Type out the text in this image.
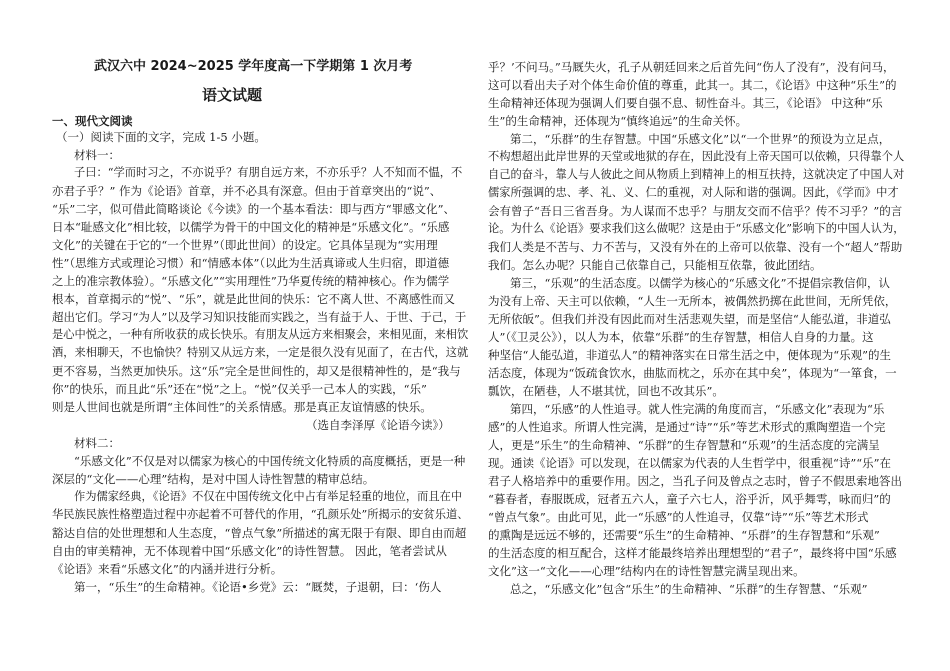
武汉六中 2024~2025 学年度高一下学期第 1 次月考
语文试题
一、现代文阅读
（一）阅读下面的文字，完成 1-5 小题。
材料一：
子曰：“学而时习之，不亦说乎？有朋自远方来，不亦乐乎？人不知而不愠，不
亦君子乎？” 作为《论语》首章，并不必具有深意。但由于首章突出的“说”、
“乐”二字，似可借此简略谈论《今读》的一个基本看法：即与西方“罪感文化”、
日本“耻感文化”相比较，以儒学为骨干的中国文化的精神是“乐感文化”。“乐感
文化”的关键在于它的“一个世界”（即此世间）的设定。它具体呈现为“实用理
性”（思维方式或理论习惯）和“情感本体”（以此为生活真谛或人生归宿，即道德
之上的准宗教体验）。“乐感文化”“实用理性”乃华夏传统的精神核心。作为儒学
根本，首章揭示的“悦”、“乐”，就是此世间的快乐：它不离人世、不离感性而又
超出它们。学习“为人”以及学习知识技能而实践之，当有益于人、于世、于己，于
是心中悦之，一种有所收获的成长快乐。有朋友从远方来相聚会，来相见面，来相饮
酒，来相聊天，不也愉快？特别又从远方来，一定是很久没有见面了，在古代，这就
更不容易，当然更加快乐。这“乐”完全是世间性的，却又是很精神性的，是“我与
你”的快乐，而且此“乐”还在“悦”之上。“悦”仅关乎一己本人的实践，“乐”
则是人世间也就是所谓“主体间性”的关系情感。那是真正友谊情感的快乐。
（选自李泽厚《论语今读》）
材料二：
“乐感文化”不仅是对以儒家为核心的中国传统文化特质的高度概括，更是一种
深层的“文化——心理”结构，是对中国人诗性智慧的精审总结。
作为儒家经典，《论语》不仅在中国传统文化中占有举足轻重的地位，而且在中
华民族民族性格塑造过程中亦起着不可替代的作用，“孔颜乐处”所揭示的安贫乐道、
豁达自信的处世理想和人生态度，“曾点气象”所描述的寓无限于有限、即自由而超
自由的审美精神，无不体现着中国“乐感文化”的诗性智慧。 因此，笔者尝试从
《论语》来看“乐感文化”的内涵并进行分析。
第一，“乐生”的生命精神。《论语•乡党》云：“厩焚，子退朝，曰：‘伤人
乎？’不问马。”马厩失火，孔子从朝廷回来之后首先问“伤人了没有”，没有问马，
这可以看出夫子对个体生命价值的尊重，此其一。其二，《论语》中这种“乐生”的
生命精神还体现为强调人们要自强不息、韧性奋斗。其三，《论语》 中这种“乐
生”的生命精神，还体现为“慎终追远”的生命关怀。
第二，“乐群”的生存智慧。中国“乐感文化”以“一个世界”的预设为立足点，
不构想超出此岸世界的天堂或地狱的存在，因此没有上帝天国可以依赖，只得靠个人
自己的奋斗，靠人与人彼此之间从物质上到精神上的相互扶持，这就决定了中国人对
儒家所强调的忠、孝、礼、义、仁的重视，对人际和谐的强调。因此，《学而》中才
会有曾子“吾日三省吾身。为人谋而不忠乎？与朋友交而不信乎？传不习乎？”的言
论。为什么《论语》要求我们这么做呢？这是由于“乐感文化”影响下的中国人认为，
我们人类是不苦与、力不苦与，又没有外在的上帝可以依靠、没有一个“超人”帮助
我们。怎么办呢？只能自己依靠自己，只能相互依靠，彼此团结。
第三，“乐观”的生活态度。以儒学为核心的“乐感文化”不提倡宗教信仰，认
为没有上帝、天主可以依赖，“人生一无所本，被偶然扔掷在此世间，无所凭依，
无所依皈”。但我们并没有因此而对生活悲观失望，而是坚信“人能弘道，非道弘
人”（《卫灵公》），以人为本，依靠“乐群”的生存智慧，相信人自身的力量。这
种坚信“人能弘道，非道弘人”的精神落实在日常生活之中，便体现为“乐观”的生
活态度，体现为“饭疏食饮水，曲肱而枕之，乐亦在其中矣”，体现为“一箪食，一
瓢饮，在陋巷，人不堪其忧，回也不改其乐”。
第四，“乐感”的人性追寻。就人性完满的角度而言，“乐感文化”表现为“乐
感”的人性追求。所谓人性完满，是通过“诗”“乐”等艺术形式的熏陶塑造一个完
人，更是“乐生”的生命精神、“乐群”的生存智慧和“乐观”的生活态度的完满呈
现。通读《论语》可以发现，在以儒家为代表的人生哲学中，很重视“诗”“乐”在
君子人格培养中的重要作用。因之，当孔子问及曾点之志时，曾子不假思索地答出
“暮春者，春服既成，冠者五六人，童子六七人，浴乎沂，风乎舞雩，咏而归”的
“曾点气象”。由此可见，此一“乐感”的人性追寻，仅靠“诗”“乐”等艺术形式
的熏陶是远远不够的，还需要“乐生”的生命精神、“乐群”的生存智慧和“乐观”
的生活态度的相互配合，这样才能最终培养出理想型的“君子”，最终将中国“乐感
文化”这一“文化——心理”结构内在的诗性智慧完满呈现出来。
总之，“乐感文化”包含“乐生”的生命精神、“乐群”的生存智慧、“乐观”
